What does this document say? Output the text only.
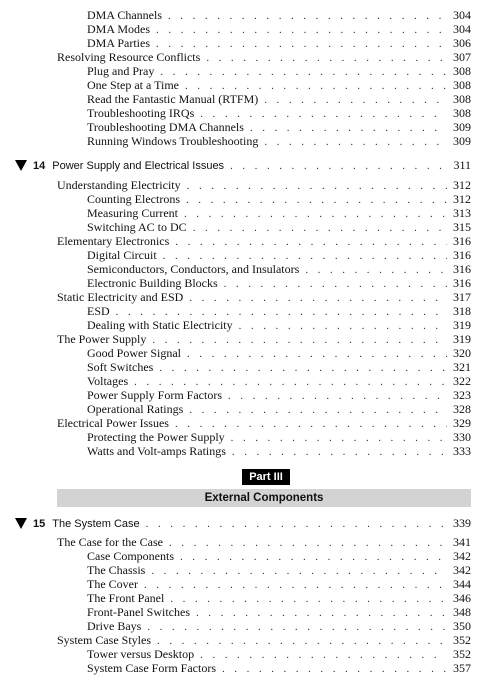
DMA Channels . . .	304
DMA Modes . . .	304
DMA Parties . . .	306
Resolving Resource Conflicts . . .	307
Plug and Pray . . .	308
One Step at a Time . . .	308
Read the Fantastic Manual (RTFM) . . .	308
Troubleshooting IRQs . . .	308
Troubleshooting DMA Channels . . .	309
Running Windows Troubleshooting . . .	309
14 Power Supply and Electrical Issues . . .	311
Understanding Electricity . . .	312
Counting Electrons . . .	312
Measuring Current . . .	313
Switching AC to DC . . .	315
Elementary Electronics . . .	316
Digital Circuit . . .	316
Semiconductors, Conductors, and Insulators . . .	316
Electronic Building Blocks . . .	316
Static Electricity and ESD . . .	317
ESD . . .	318
Dealing with Static Electricity . . .	319
The Power Supply . . .	319
Good Power Signal . . .	320
Soft Switches . . .	321
Voltages . . .	322
Power Supply Form Factors . . .	323
Operational Ratings . . .	328
Electrical Power Issues . . .	329
Protecting the Power Supply . . .	330
Watts and Volt-amps Ratings . . .	333
Part III
External Components
15 The System Case . . .	339
The Case for the Case . . .	341
Case Components . . .	342
The Chassis . . .	342
The Cover . . .	344
The Front Panel . . .	346
Front-Panel Switches . . .	348
Drive Bays . . .	350
System Case Styles . . .	352
Tower versus Desktop . . .	352
System Case Form Factors . . .	357
